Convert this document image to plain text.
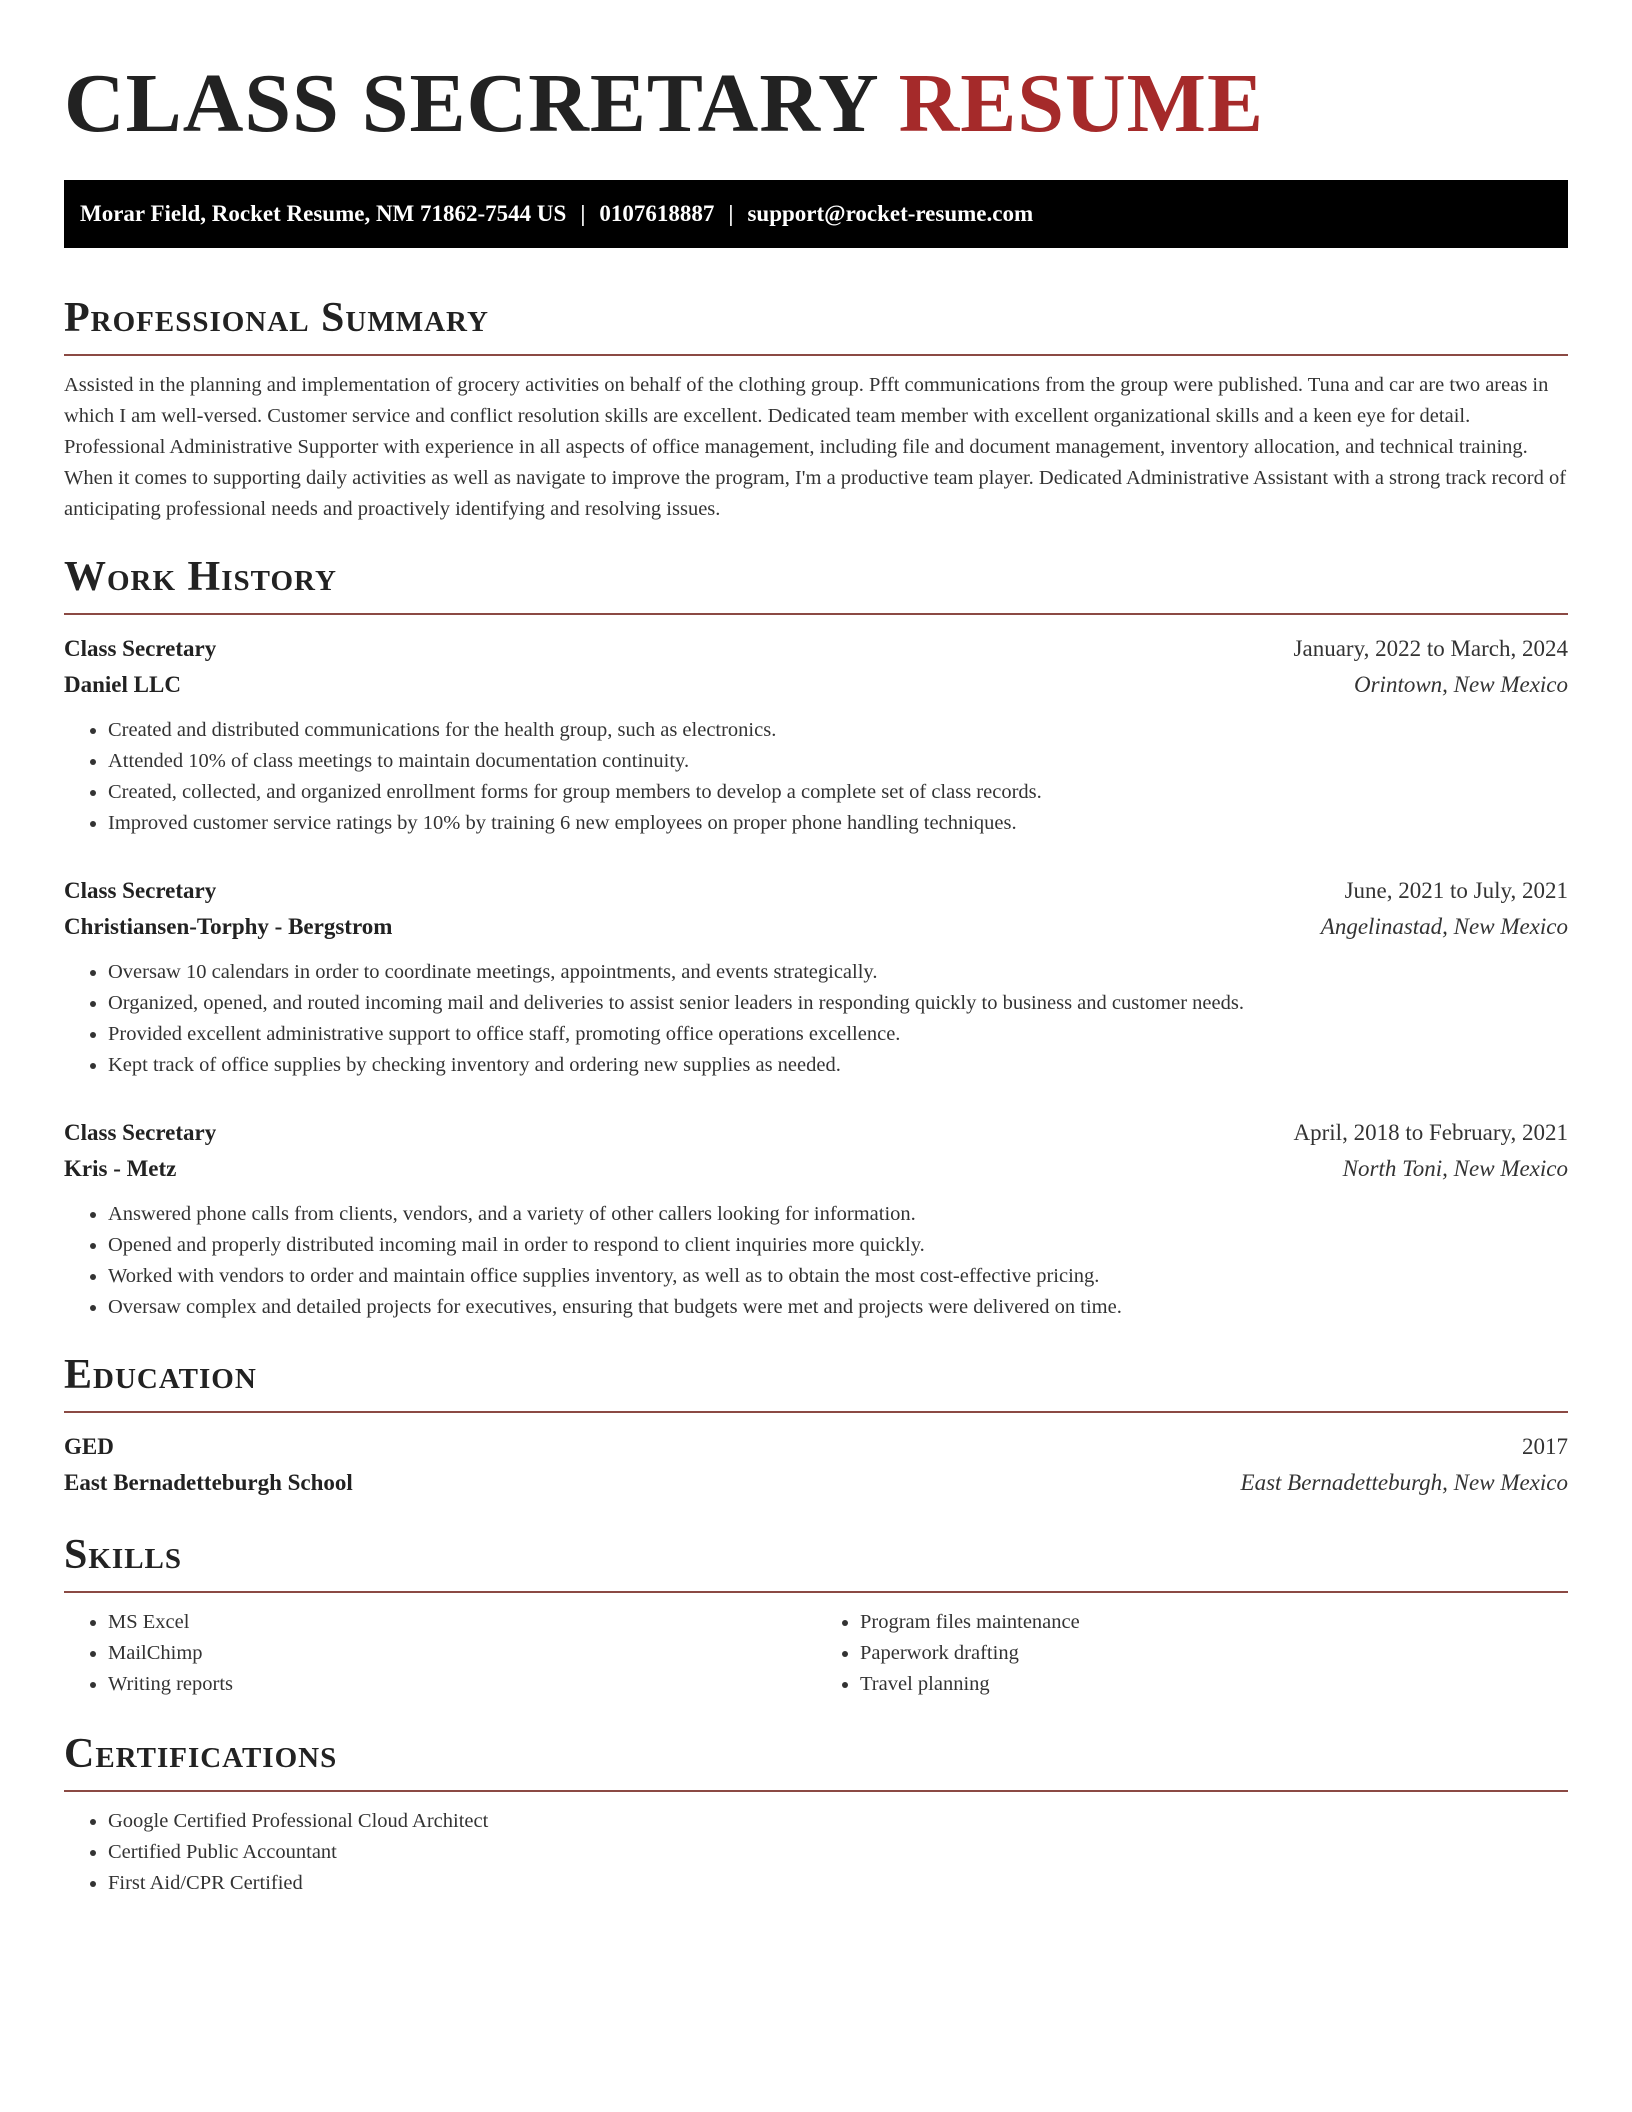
CLASS SECRETARY RESUME
Morar Field, Rocket Resume, NM 71862-7544 US | 0107618887 | support@rocket-resume.com
Professional Summary

Assisted in the planning and implementation of grocery activities on behalf of the clothing group. Pfft communications from the group were published. Tuna and car are two areas in which I am well-versed. Customer service and conflict resolution skills are excellent. Dedicated team member with excellent organizational skills and a keen eye for detail. Professional Administrative Supporter with experience in all aspects of office management, including file and document management, inventory allocation, and technical training. When it comes to supporting daily activities as well as navigate to improve the program, I'm a productive team player. Dedicated Administrative Assistant with a strong track record of anticipating professional needs and proactively identifying and resolving issues.

Work History
Class Secretary	January, 2022 to March, 2024
Daniel LLC	Orintown, New Mexico
• Created and distributed communications for the health group, such as electronics.
• Attended 10% of class meetings to maintain documentation continuity.
• Created, collected, and organized enrollment forms for group members to develop a complete set of class records.
• Improved customer service ratings by 10% by training 6 new employees on proper phone handling techniques.
Class Secretary	June, 2021 to July, 2021
Christiansen-Torphy - Bergstrom	Angelinastad, New Mexico
• Oversaw 10 calendars in order to coordinate meetings, appointments, and events strategically.
• Organized, opened, and routed incoming mail and deliveries to assist senior leaders in responding quickly to business and customer needs.
• Provided excellent administrative support to office staff, promoting office operations excellence.
• Kept track of office supplies by checking inventory and ordering new supplies as needed.
Class Secretary	April, 2018 to February, 2021
Kris - Metz	North Toni, New Mexico
• Answered phone calls from clients, vendors, and a variety of other callers looking for information.
• Opened and properly distributed incoming mail in order to respond to client inquiries more quickly.
• Worked with vendors to order and maintain office supplies inventory, as well as to obtain the most cost-effective pricing.
• Oversaw complex and detailed projects for executives, ensuring that budgets were met and projects were delivered on time.
Education
GED	2017
East Bernadetteburgh School	East Bernadetteburgh, New Mexico
Skills
• MS Excel
• MailChimp
• Writing reports
• Program files maintenance
• Paperwork drafting
• Travel planning
Certifications
• Google Certified Professional Cloud Architect
• Certified Public Accountant
• First Aid/CPR Certified
